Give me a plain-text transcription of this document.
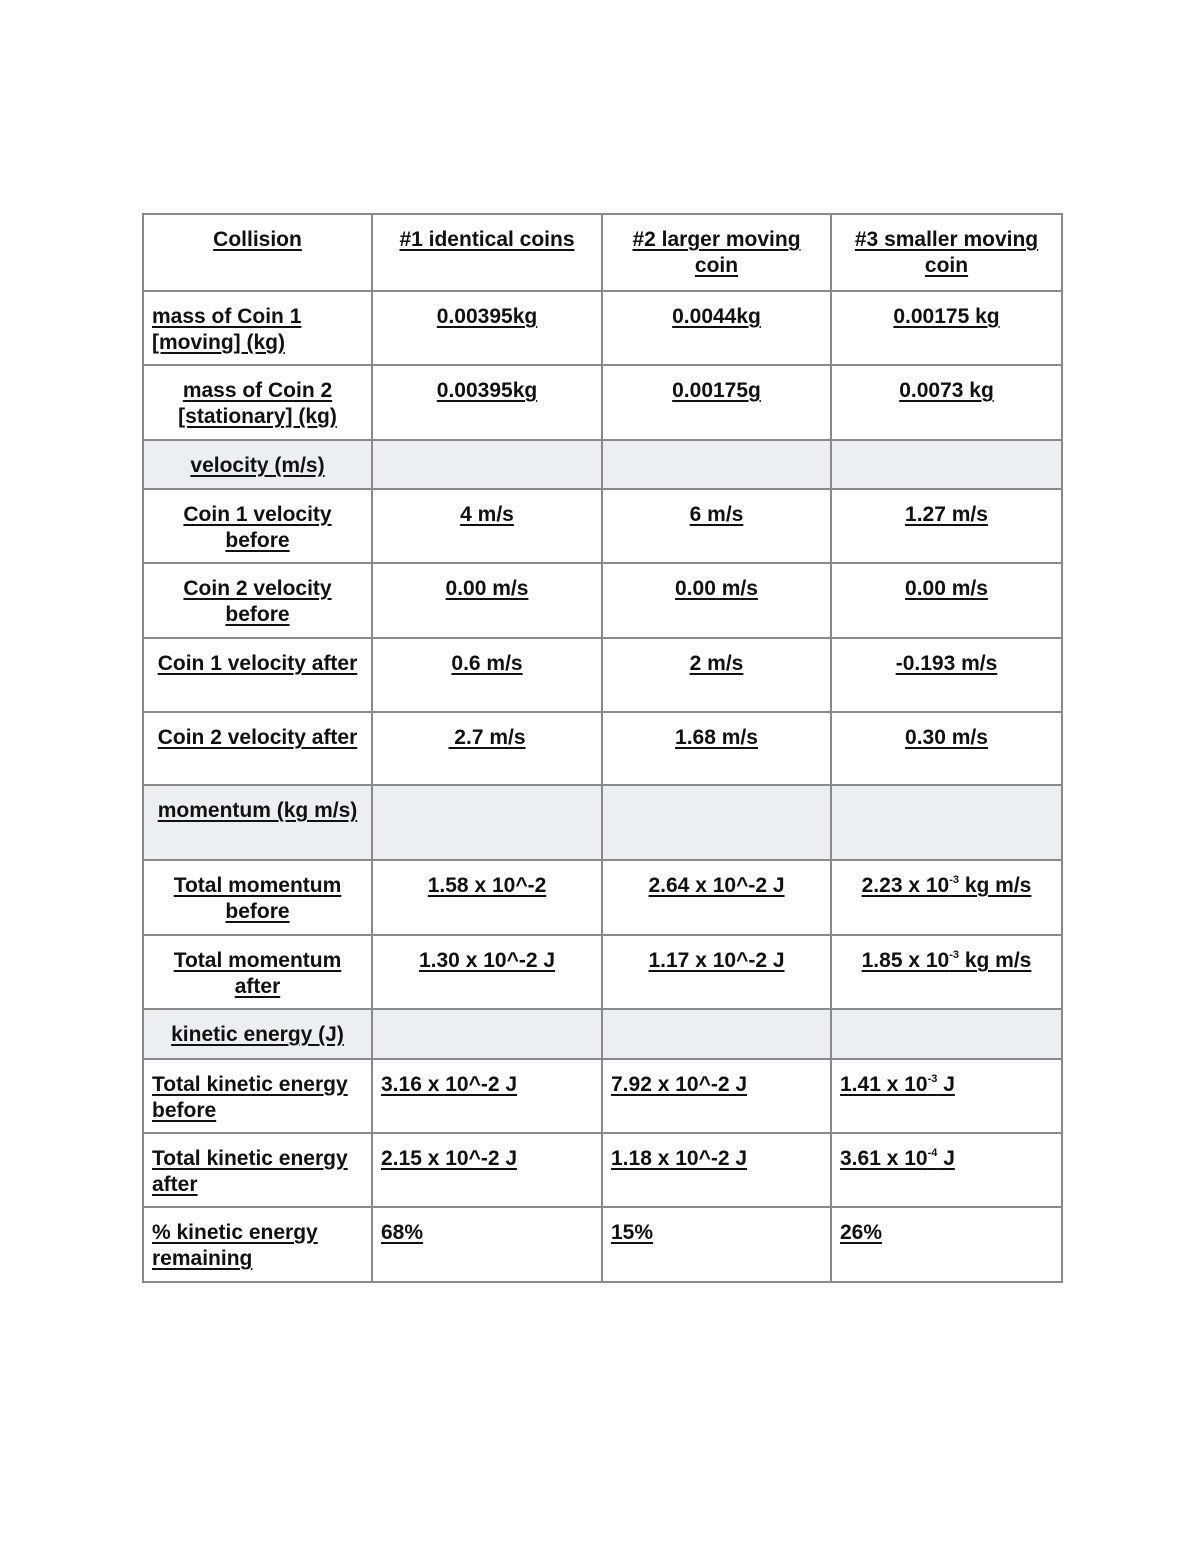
Collision	#1 identical coins	#2 larger moving coin	#3 smaller moving coin
mass of Coin 1 [moving] (kg)	0.00395kg	0.0044kg	0.00175 kg
mass of Coin 2 [stationary] (kg)	0.00395kg	0.00175g	0.0073 kg
velocity (m/s)			
Coin 1 velocity before	4 m/s	6 m/s	1.27 m/s
Coin 2 velocity before	0.00 m/s	0.00 m/s	0.00 m/s
Coin 1 velocity after	0.6 m/s	2 m/s	-0.193 m/s
Coin 2 velocity after	2.7 m/s	1.68 m/s	0.30 m/s
momentum (kg m/s)			
Total momentum before	1.58 x 10^-2	2.64 x 10^-2 J	2.23 x $10^{-3}$ kg m/s
Total momentum after	1.30 x 10^-2 J	1.17 x 10^-2 J	1.85 x $10^{-3}$ kg m/s
kinetic energy (J)			
Total kinetic energy before	3.16 x 10^-2 J	7.92 x 10^-2 J	1.41 x $10^{-3}$ J
Total kinetic energy after	2.15 x 10^-2 J	1.18 x 10^-2 J	3.61 x $10^{-4}$ J
% kinetic energy remaining	68%	15%	26%
